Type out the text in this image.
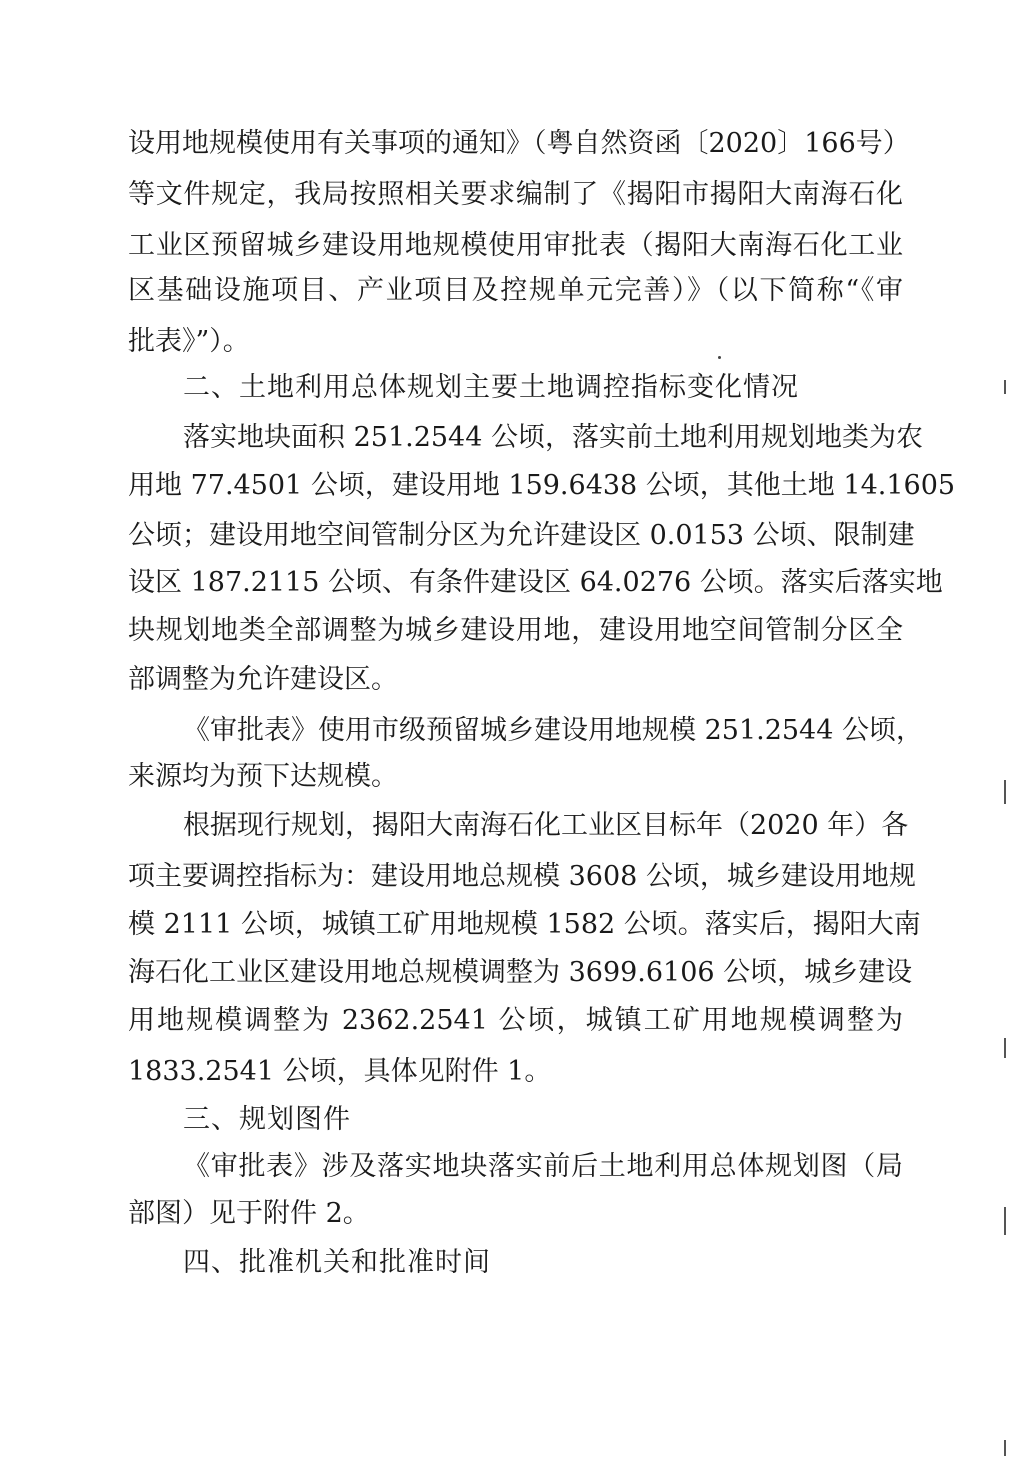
设用地规模使用有关事项的通知》（粤自然资函〔2020〕166号）
等文件规定，我局按照相关要求编制了《揭阳市揭阳大南海石化
工业区预留城乡建设用地规模使用审批表（揭阳大南海石化工业
区基础设施项目、产业项目及控规单元完善）》（以下简称“《审
批表》”）。
二、土地利用总体规划主要土地调控指标变化情况
落实地块面积 251.2544 公顷，落实前土地利用规划地类为农
用地 77.4501 公顷，建设用地 159.6438 公顷，其他土地 14.1605
公顷；建设用地空间管制分区为允许建设区 0.0153 公顷、限制建
设区 187.2115 公顷、有条件建设区 64.0276 公顷。落实后落实地
块规划地类全部调整为城乡建设用地，建设用地空间管制分区全
部调整为允许建设区。
《审批表》使用市级预留城乡建设用地规模 251.2544 公顷，
来源均为预下达规模。
根据现行规划，揭阳大南海石化工业区目标年（2020 年）各
项主要调控指标为：建设用地总规模 3608 公顷，城乡建设用地规
模 2111 公顷，城镇工矿用地规模 1582 公顷。落实后，揭阳大南
海石化工业区建设用地总规模调整为 3699.6106 公顷，城乡建设
用地规模调整为 2362.2541 公顷，城镇工矿用地规模调整为
1833.2541 公顷，具体见附件 1。
三、规划图件
《审批表》涉及落实地块落实前后土地利用总体规划图（局
部图）见于附件 2。
四、批准机关和批准时间
